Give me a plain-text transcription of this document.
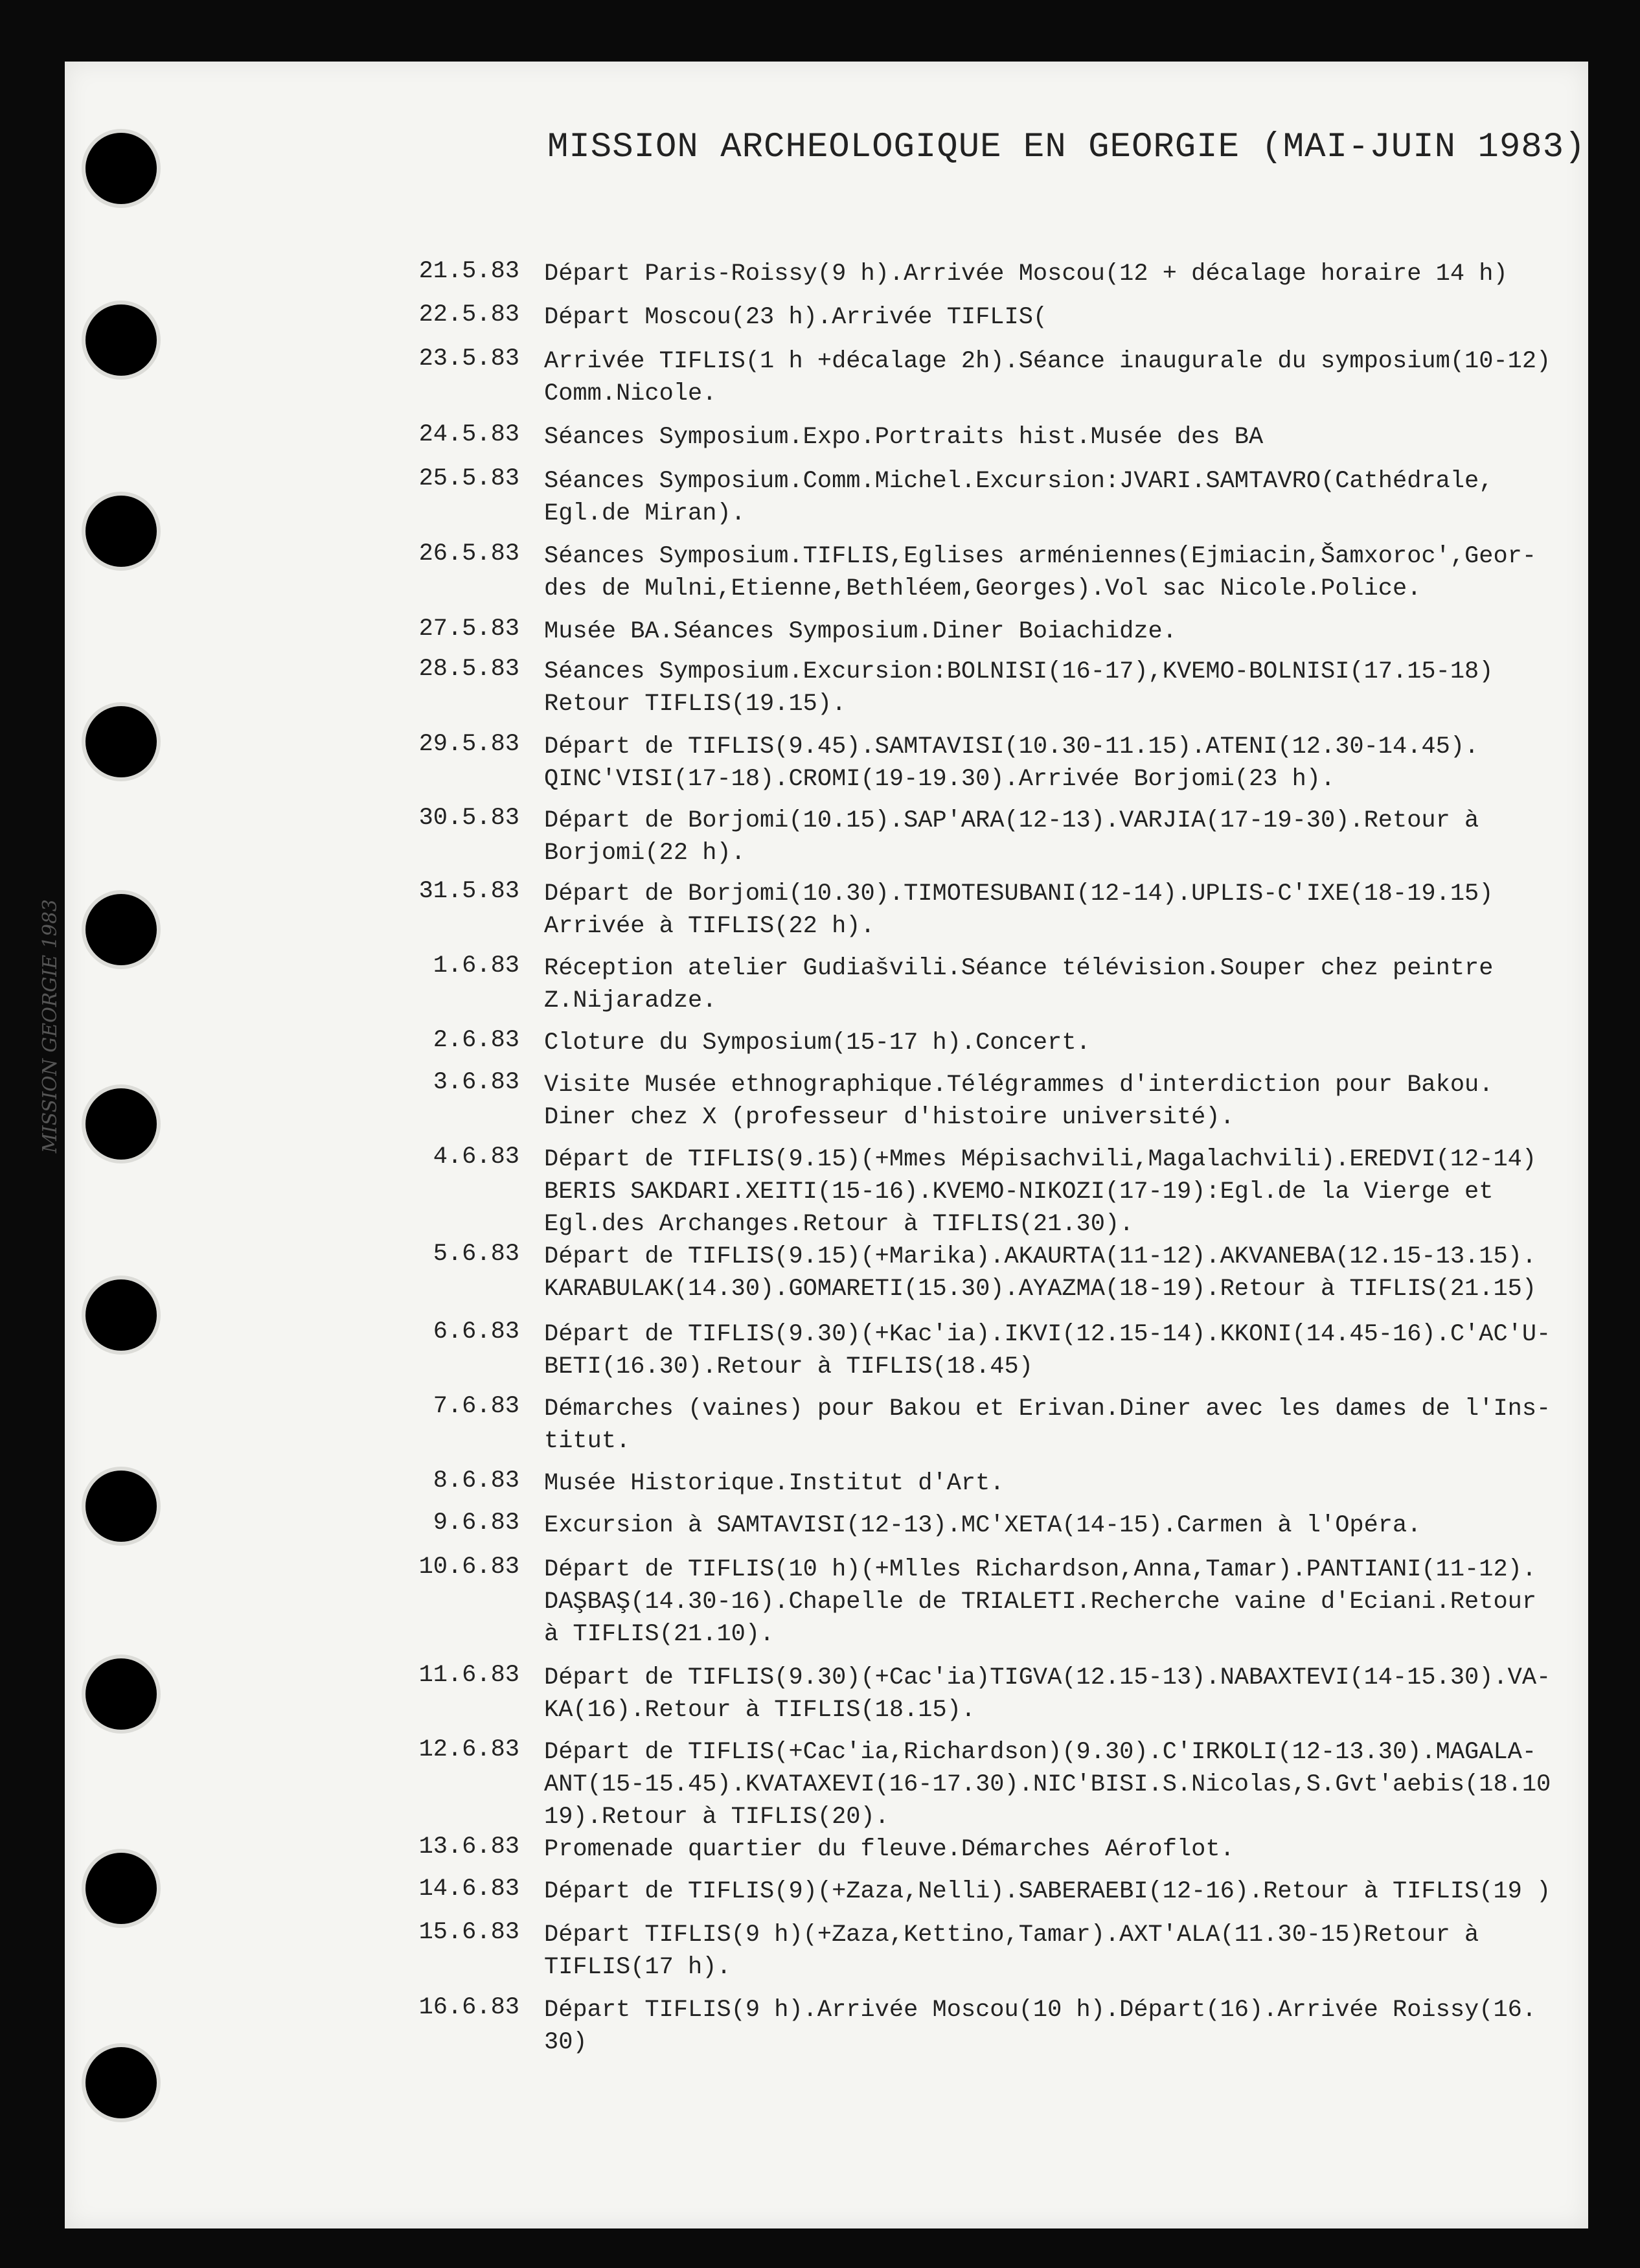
MISSION GEORGIE 1983
MISSION ARCHEOLOGIQUE EN GEORGIE (MAI-JUIN 1983)
21.5.83 Départ Paris-Roissy(9 h).Arrivée Moscou(12 + décalage horaire 14 h)
22.5.83 Départ Moscou(23 h).Arrivée TIFLIS(
23.5.83 Arrivée TIFLIS(1 h +décalage 2h).Séance inaugurale du symposium(10-12)
Comm.Nicole.
24.5.83 Séances Symposium.Expo.Portraits hist.Musée des BA
25.5.83 Séances Symposium.Comm.Michel.Excursion:JVARI.SAMTAVRO(Cathédrale,
Egl.de Miran).
26.5.83 Séances Symposium.TIFLIS,Eglises arméniennes(Ejmiacin,Šamxoroc',Geor-
des de Mulni,Etienne,Bethléem,Georges).Vol sac Nicole.Police.
27.5.83 Musée BA.Séances Symposium.Diner Boiachidze.
28.5.83 Séances Symposium.Excursion:BOLNISI(16-17),KVEMO-BOLNISI(17.15-18)
Retour TIFLIS(19.15).
29.5.83 Départ de TIFLIS(9.45).SAMTAVISI(10.30-11.15).ATENI(12.30-14.45).
QINC'VISI(17-18).CROMI(19-19.30).Arrivée Borjomi(23 h).
30.5.83 Départ de Borjomi(10.15).SAP'ARA(12-13).VARJIA(17-19-30).Retour à
Borjomi(22 h).
31.5.83 Départ de Borjomi(10.30).TIMOTESUBANI(12-14).UPLIS-C'IXE(18-19.15)
Arrivée à TIFLIS(22 h).
1.6.83 Réception atelier Gudiašvili.Séance télévision.Souper chez peintre
Z.Nijaradze.
2.6.83 Cloture du Symposium(15-17 h).Concert.
3.6.83 Visite Musée ethnographique.Télégrammes d'interdiction pour Bakou.
Diner chez X (professeur d'histoire université).
4.6.83 Départ de TIFLIS(9.15)(+Mmes Mépisachvili,Magalachvili).EREDVI(12-14)
BERIS SAKDARI.XEITI(15-16).KVEMO-NIKOZI(17-19):Egl.de la Vierge et
Egl.des Archanges.Retour à TIFLIS(21.30).
5.6.83 Départ de TIFLIS(9.15)(+Marika).AKAURTA(11-12).AKVANEBA(12.15-13.15).
KARABULAK(14.30).GOMARETI(15.30).AYAZMA(18-19).Retour à TIFLIS(21.15)
6.6.83 Départ de TIFLIS(9.30)(+Kac'ia).IKVI(12.15-14).KKONI(14.45-16).C'AC'U-
BETI(16.30).Retour à TIFLIS(18.45)
7.6.83 Démarches (vaines) pour Bakou et Erivan.Diner avec les dames de l'Ins-
titut.
8.6.83 Musée Historique.Institut d'Art.
9.6.83 Excursion à SAMTAVISI(12-13).MC'XETA(14-15).Carmen à l'Opéra.
10.6.83 Départ de TIFLIS(10 h)(+Mlles Richardson,Anna,Tamar).PANTIANI(11-12).
DAŞBAŞ(14.30-16).Chapelle de TRIALETI.Recherche vaine d'Eciani.Retour
à TIFLIS(21.10).
11.6.83 Départ de TIFLIS(9.30)(+Cac'ia)TIGVA(12.15-13).NABAXTEVI(14-15.30).VA-
KA(16).Retour à TIFLIS(18.15).
12.6.83 Départ de TIFLIS(+Cac'ia,Richardson)(9.30).C'IRKOLI(12-13.30).MAGALA-
ANT(15-15.45).KVATAXEVI(16-17.30).NIC'BISI.S.Nicolas,S.Gvt'aebis(18.10
19).Retour à TIFLIS(20).
13.6.83 Promenade quartier du fleuve.Démarches Aéroflot.
14.6.83 Départ de TIFLIS(9)(+Zaza,Nelli).SABERAEBI(12-16).Retour à TIFLIS(19 )
15.6.83 Départ TIFLIS(9 h)(+Zaza,Kettino,Tamar).AXT'ALA(11.30-15)Retour à
TIFLIS(17 h).
16.6.83 Départ TIFLIS(9 h).Arrivée Moscou(10 h).Départ(16).Arrivée Roissy(16.
30)
